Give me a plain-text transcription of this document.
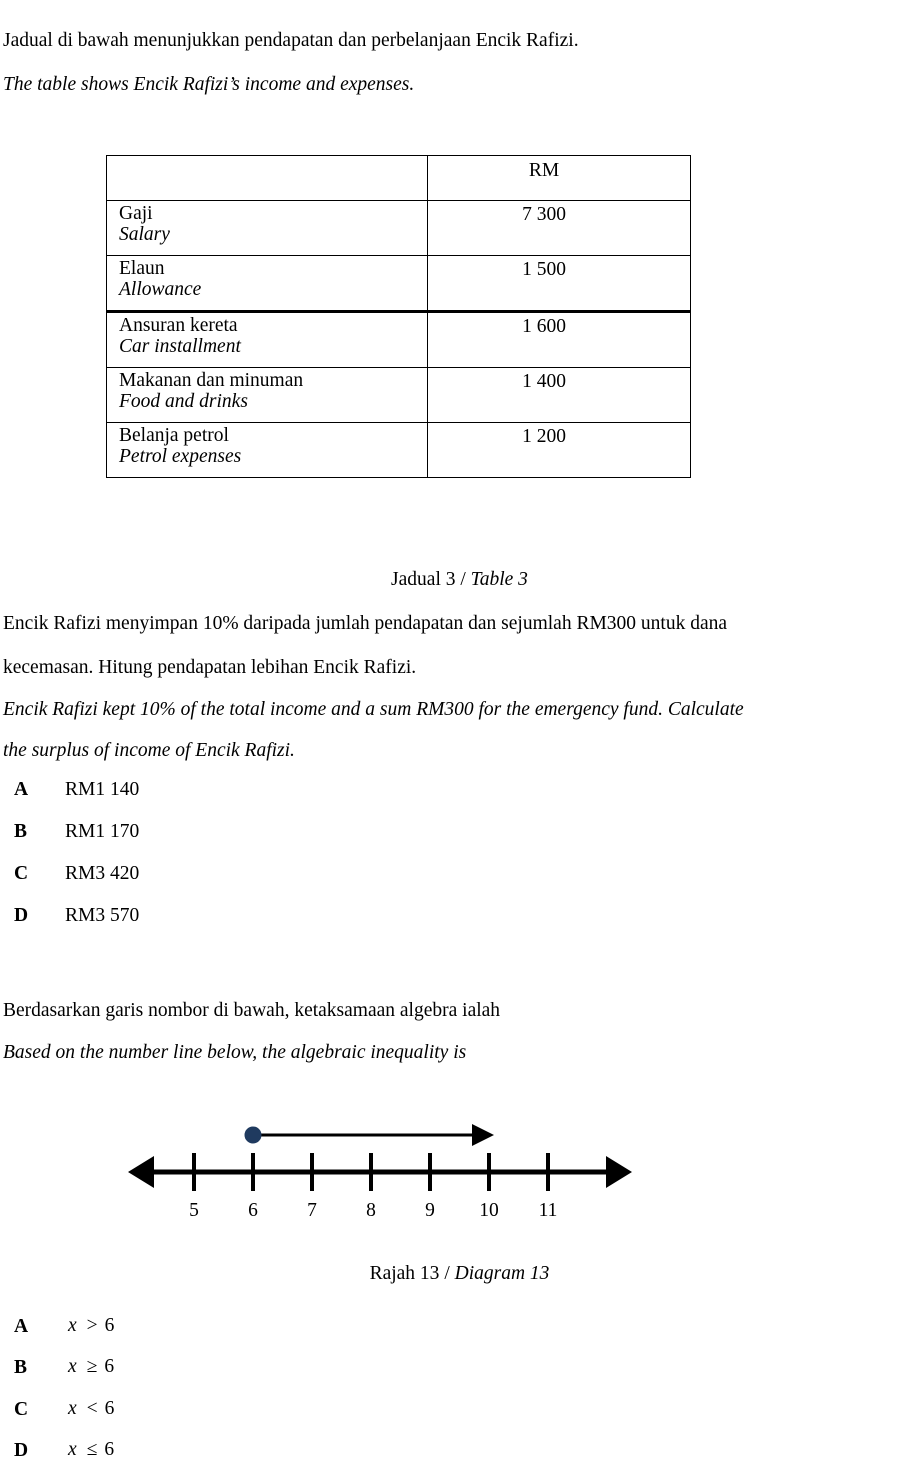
Jadual di bawah menunjukkan pendapatan dan perbelanjaan Encik Rafizi.
The table shows Encik Rafizi’s income and expenses.
	RM

Gaji
Salary	7 300

Elaun
Allowance	1 500

Ansuran kereta
Car installment	1 600

Makanan dan minuman
Food and drinks	1 400

Belanja petrol
Petrol expenses	1 200
Jadual 3 / Table 3
Encik Rafizi menyimpan 10% daripada jumlah pendapatan dan sejumlah RM300 untuk dana
kecemasan. Hitung pendapatan lebihan Encik Rafizi.
Encik Rafizi kept 10% of the total income and a sum RM300 for the emergency fund. Calculate
the surplus of income of Encik Rafizi.
A RM1 140
B RM1 170
C RM3 420
D RM3 570
Berdasarkan garis nombor di bawah, ketaksamaan algebra ialah
Based on the number line below, the algebraic inequality is
5	6	7	8	9 10 11
Rajah 13 / Diagram 13
A x > 6
B x ≥ 6
C x < 6
D x ≤ 6
